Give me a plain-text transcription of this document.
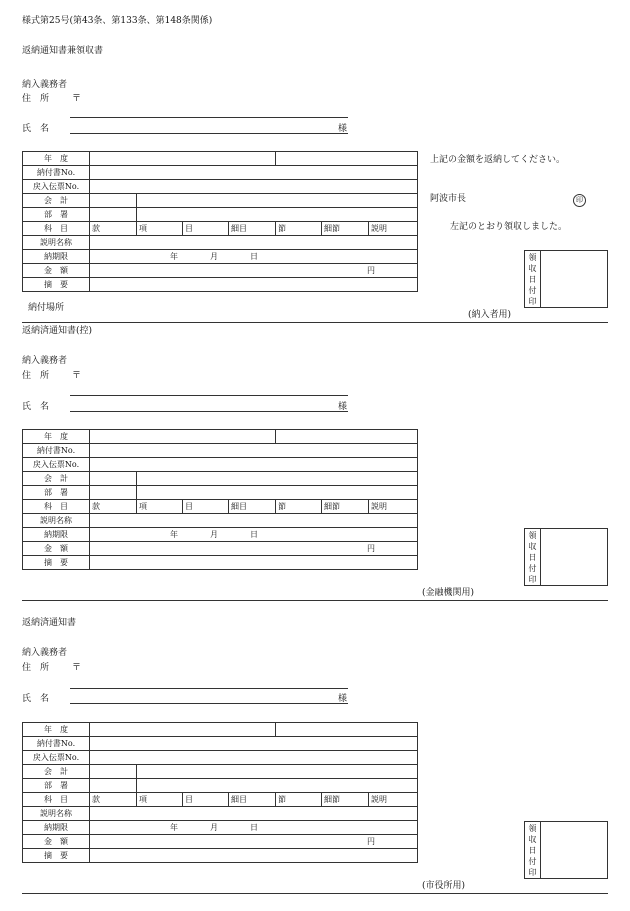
様式第25号(第43条、第133条、第148条関係)
返納通知書兼領収書
納入義務者
住　所	〒
氏　名	様
年　度							
納付書No.							
戻入伝票No.							
会　計							
部　署							
科　目	款	項	目	細目	節	細節	説明
説明名称							
納期限	年 月 日						
金　額	円						
摘　要							
上記の金額を返納してください。
阿波市長	印
左記のとおり領収しました。
領
収
日
付
印
納付場所
(納入者用)
返納済通知書(控)
納入義務者
住　所	〒
氏　名	様
年　度							
納付書No.							
戻入伝票No.							
会　計							
部　署							
科　目	款	項	目	細目	節	細節	説明
説明名称							
納期限	年 月 日						
金　額	円						
摘　要							
領
収
日
付
印
(金融機関用)
返納済通知書
納入義務者
住　所	〒
氏　名	様
年　度							
納付書No.							
戻入伝票No.							
会　計							
部　署							
科　目	款	項	目	細目	節	細節	説明
説明名称							
納期限	年 月 日						
金　額	円						
摘　要							
領
収
日
付
印
(市役所用)
